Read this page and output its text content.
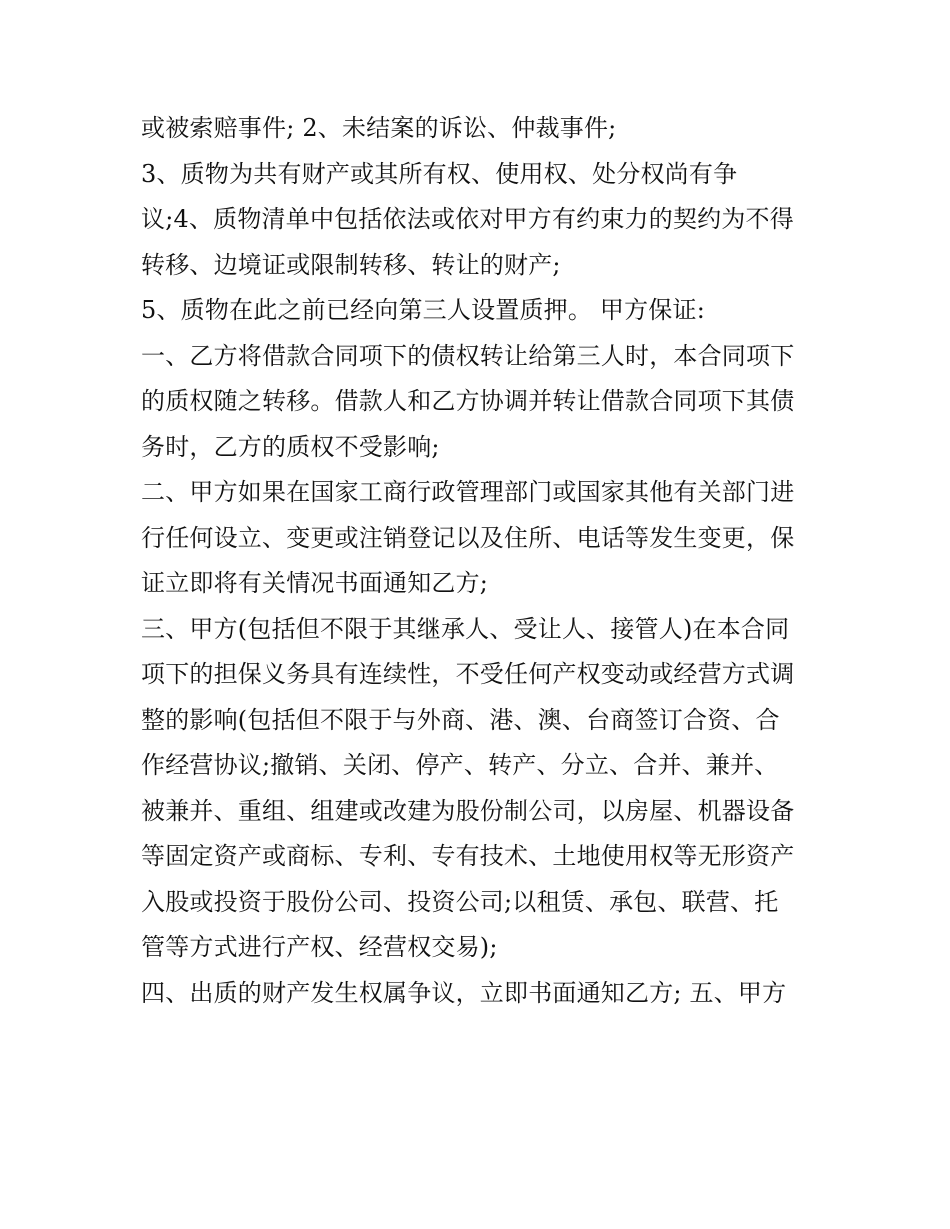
或被索赔事件; 2、未结案的诉讼、仲裁事件;
3、质物为共有财产或其所有权、使用权、处分权尚有争
议;4、质物清单中包括依法或依对甲方有约束力的契约为不得
转移、边境证或限制转移、转让的财产;
5、质物在此之前已经向第三人设置质押。 甲方保证:
一、乙方将借款合同项下的债权转让给第三人时，本合同项下
的质权随之转移。借款人和乙方协调并转让借款合同项下其债
务时，乙方的质权不受影响;
二、甲方如果在国家工商行政管理部门或国家其他有关部门进
行任何设立、变更或注销登记以及住所、电话等发生变更，保
证立即将有关情况书面通知乙方;
三、甲方(包括但不限于其继承人、受让人、接管人)在本合同
项下的担保义务具有连续性，不受任何产权变动或经营方式调
整的影响(包括但不限于与外商、港、澳、台商签订合资、合
作经营协议;撤销、关闭、停产、转产、分立、合并、兼并、
被兼并、重组、组建或改建为股份制公司，以房屋、机器设备
等固定资产或商标、专利、专有技术、土地使用权等无形资产
入股或投资于股份公司、投资公司;以租赁、承包、联营、托
管等方式进行产权、经营权交易);
四、出质的财产发生权属争议，立即书面通知乙方; 五、甲方
